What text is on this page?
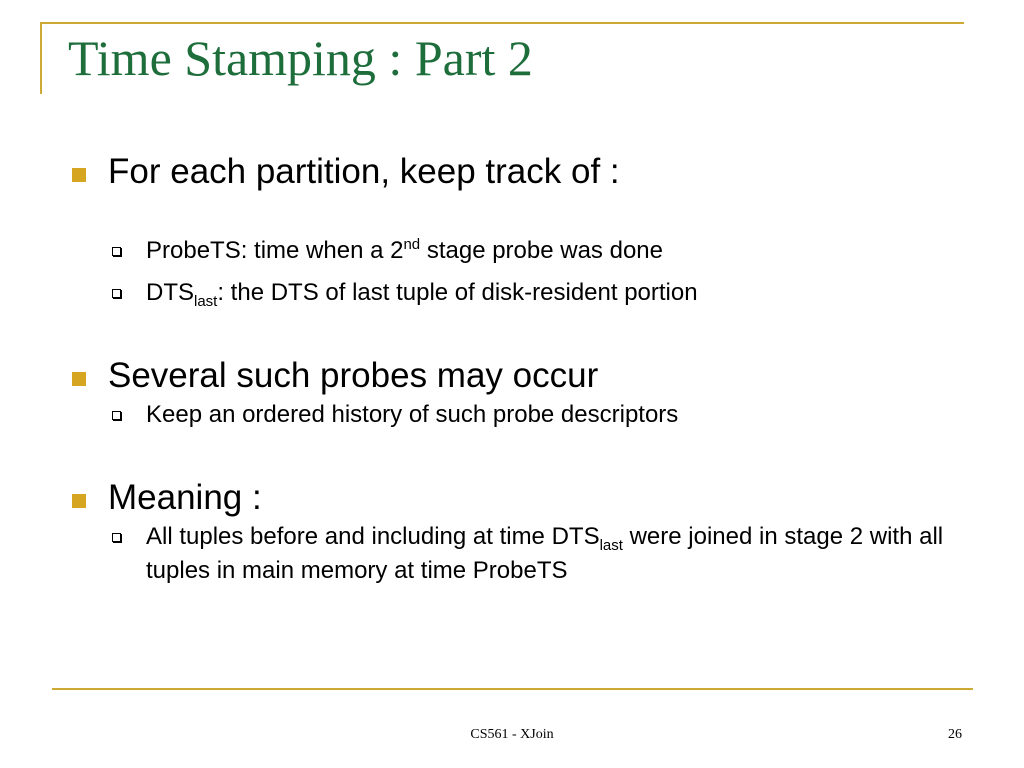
Time Stamping : Part 2
For each partition, keep track of :
ProbeTS: time when a 2nd stage probe was done
$DTS_{last}$: the DTS of last tuple of disk-resident portion
Several such probes may occur
Keep an ordered history of such probe descriptors
Meaning :
All tuples before and including at time $DTS_{last}$ were joined in stage 2 with all tuples in main memory at time ProbeTS
CS561 - XJoin	26
